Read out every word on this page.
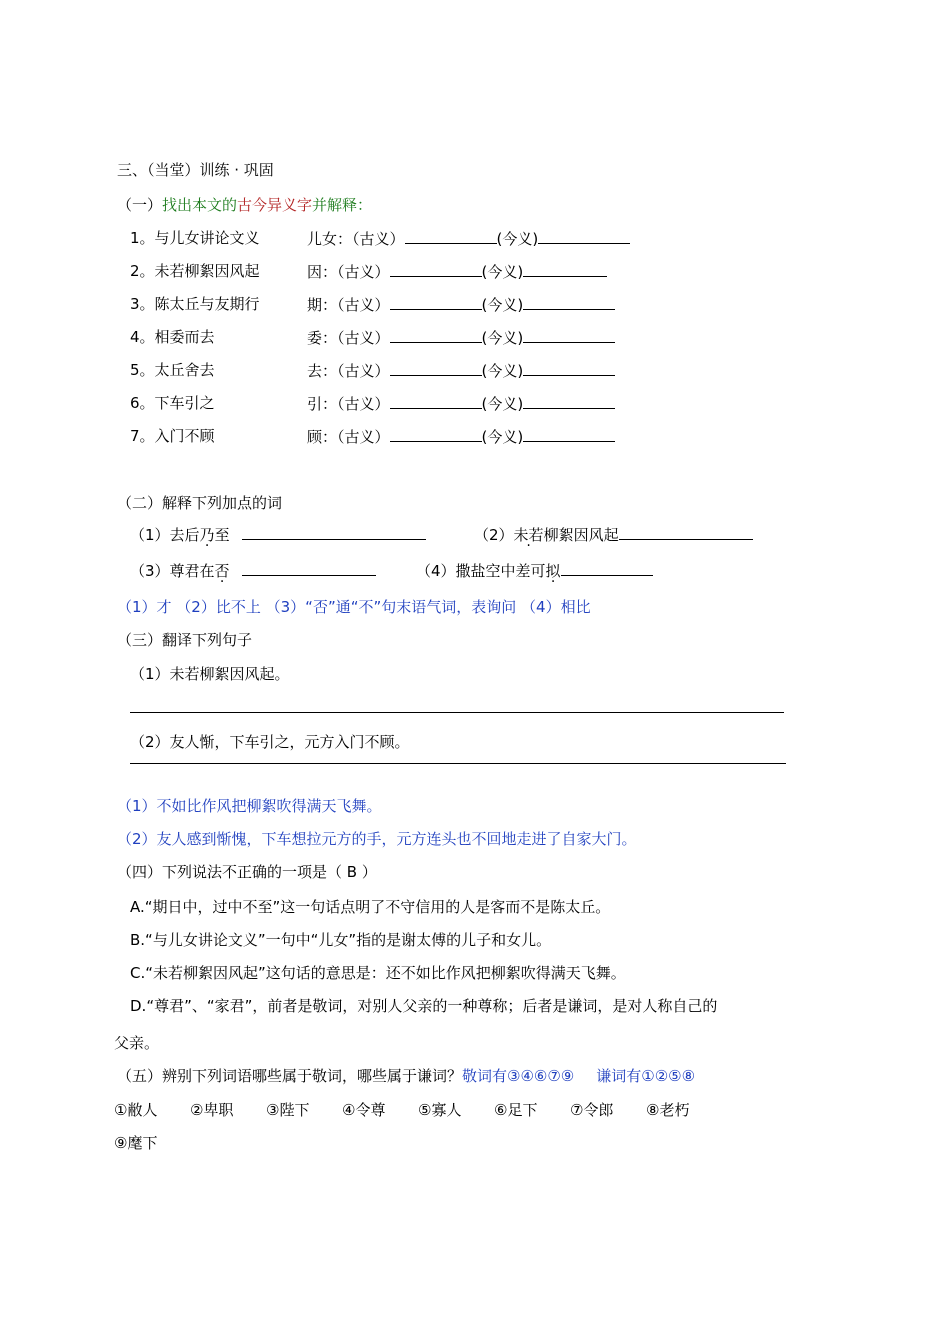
三、（当堂）训练 · 巩固
（一）找出本文的古今异义字并解释：
1。与儿女讲论文义	儿女：（古义）	(今义)
2。未若柳絮因风起	因：（古义）	(今义)
3。陈太丘与友期行	期：（古义）	(今义)
4。相委而去	委：（古义）	(今义)
5。太丘舍去	去：（古义）	(今义)
6。下车引之	引：（古义）	(今义)
7。入门不顾	顾：（古义）	(今义)
（二）解释下列加点的词
（1）去后乃至	（2）未若柳絮因风起
（3）尊君在否	（4）撒盐空中差可拟
（1）才 （2）比不上 （3）“否”通“不”句末语气词，表询问 （4）相比
（三）翻译下列句子
（1）未若柳絮因风起。
（2）友人惭，下车引之，元方入门不顾。
（1）不如比作风把柳絮吹得满天飞舞。
（2）友人感到惭愧，下车想拉元方的手，元方连头也不回地走进了自家大门。
（四）下列说法不正确的一项是（ B ）
A.“期日中，过中不至”这一句话点明了不守信用的人是客而不是陈太丘。
B.“与儿女讲论文义”一句中“儿女”指的是谢太傅的儿子和女儿。
C.“未若柳絮因风起”这句话的意思是：还不如比作风把柳絮吹得满天飞舞。
D.“尊君”、“家君”，前者是敬词，对别人父亲的一种尊称；后者是谦词，是对人称自己的
父亲。
（五）辨别下列词语哪些属于敬词，哪些属于谦词？敬词有③④⑥⑦⑨ 谦词有①②⑤⑧
①敝人 ②卑职 ③陛下 ④令尊 ⑤寡人 ⑥足下 ⑦令郎 ⑧老朽
⑨麾下
